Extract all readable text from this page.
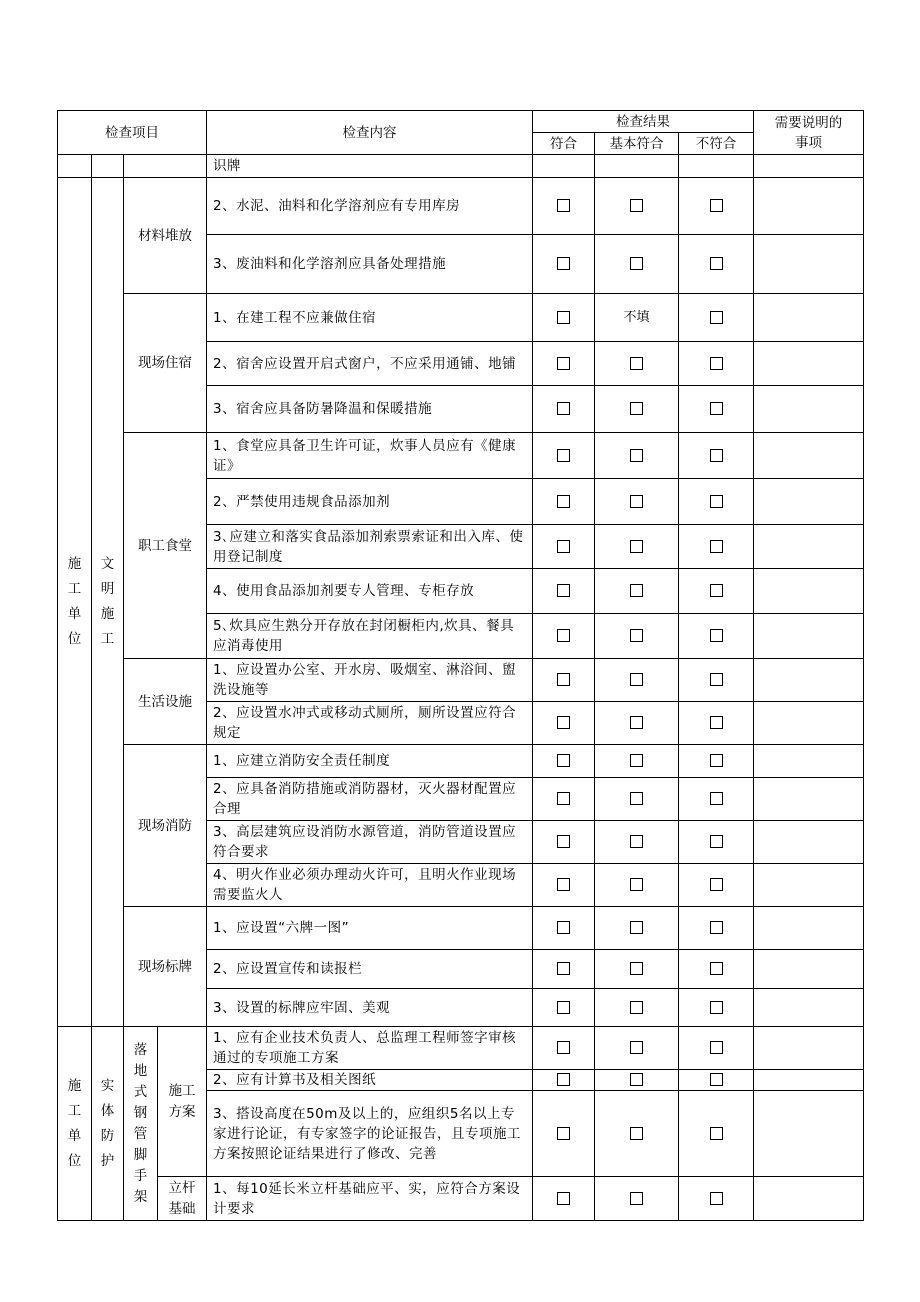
检查项目				检查内容	检查结果			需要说明的
事项
					符合	基本符合	不符合	
				识牌				
施工单位	文明施工	材料堆放		2、水泥、油料和化学溶剂应有专用库房				
				3、废油料和化学溶剂应具备处理措施				
		现场住宿		1、在建工程不应兼做住宿		不填		
				2、宿舍应设置开启式窗户，不应采用通铺、地铺				
				3、宿舍应具备防暑降温和保暖措施				
		职工食堂		1、食堂应具备卫生许可证，炊事人员应有《健康证》				
				2、严禁使用违规食品添加剂				
				3､应建立和落实食品添加剂索票索证和出入库、使用登记制度				
				4、使用食品添加剂要专人管理、专柜存放				
				5､炊具应生熟分开存放在封闭橱柜内,炊具、餐具应消毒使用				
		生活设施		1、应设置办公室、开水房、吸烟室、淋浴间、盥洗设施等				
				2、应设置水冲式或移动式厕所，厕所设置应符合规定				
		现场消防		1、应建立消防安全责任制度				
				2、应具备消防措施或消防器材，灭火器材配置应合理				
				3、高层建筑应设消防水源管道，消防管道设置应符合要求				
				4、明火作业必须办理动火许可，且明火作业现场需要监火人				
		现场标牌		1、应设置“六牌一图”				
				2、应设置宣传和读报栏				
				3、设置的标牌应牢固、美观				
施工单位	实体防护	落地式钢管脚手架	施工方案	1、应有企业技术负责人、总监理工程师签字审核通过的专项施工方案				
				2、应有计算书及相关图纸				
				3、搭设高度在50m及以上的，应组织5名以上专家进行论证，有专家签字的论证报告，且专项施工方案按照论证结果进行了修改、完善				
			立杆基础	1、每10延长米立杆基础应平、实，应符合方案设计要求				
